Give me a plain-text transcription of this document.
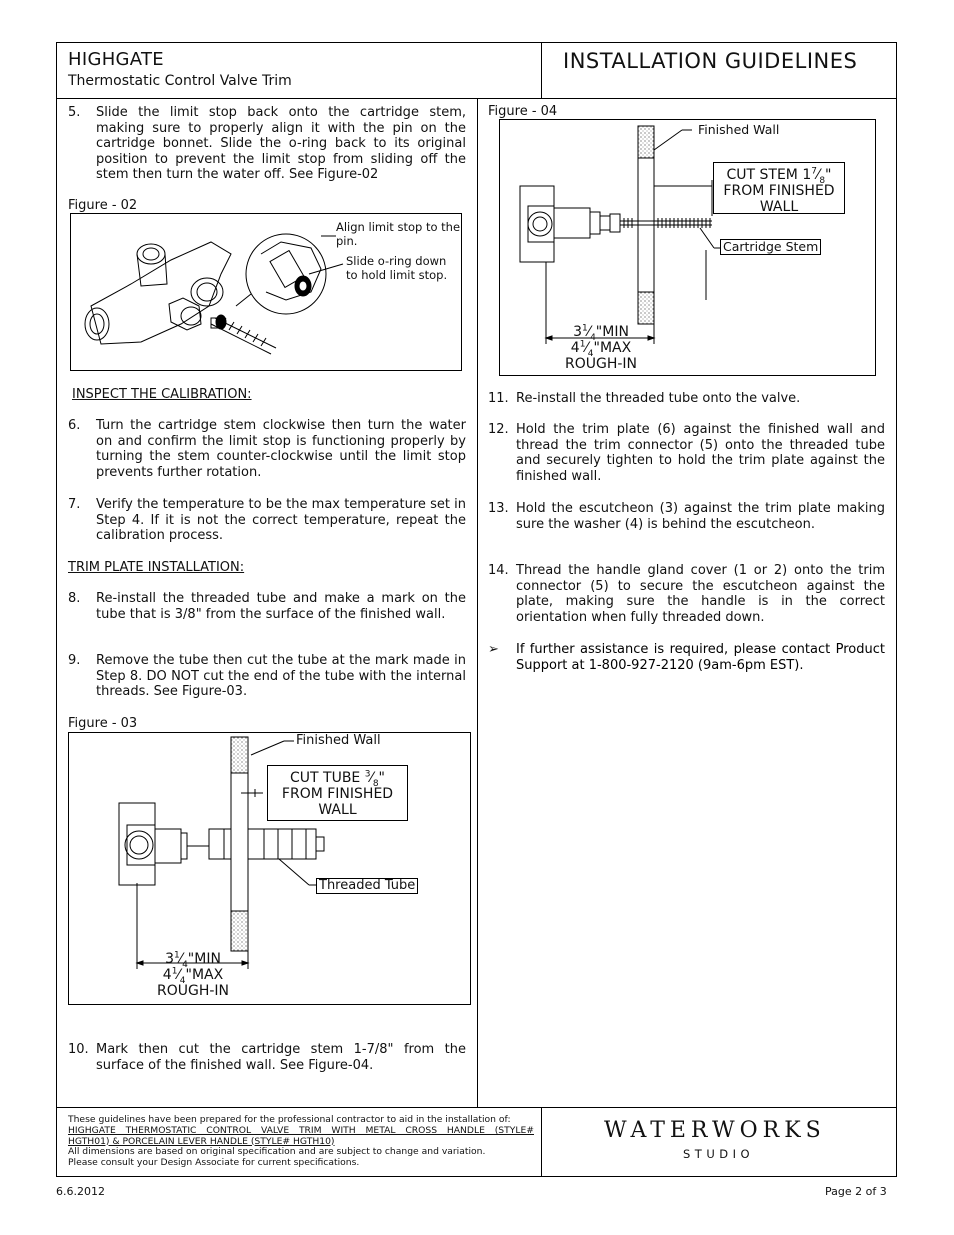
HIGHGATE
Thermostatic Control Valve Trim
INSTALLATION GUIDELINES
5. Slide the limit stop back onto the cartridge stem, making sure to properly align it with the pin on the cartridge bonnet. Slide the o-ring back to its original position to prevent the limit stop from sliding off the stem then turn the water off. See Figure-02
Figure - 02
Align limit stop to the pin.
Slide o-ring down to hold limit stop.
INSPECT THE CALIBRATION:
6. Turn the cartridge stem clockwise then turn the water on and confirm the limit stop is functioning properly by turning the stem counter-clockwise until the limit stop prevents further rotation.
7. Verify the temperature to be the max temperature set in Step 4. If it is not the correct temperature, repeat the calibration process.
TRIM PLATE INSTALLATION:
8. Re-install the threaded tube and make a mark on the tube that is 3/8" from the surface of the finished wall.
9. Remove the tube then cut the tube at the mark made in Step 8. DO NOT cut the end of the tube with the internal threads. See Figure-03.
Figure - 03
Finished Wall
CUT TUBE $^3⁄_8$"
FROM FINISHED
WALL
Threaded Tube
$3^1⁄_4"MIN$
$4^1⁄_4"MAX$
ROUGH-IN
10. Mark then cut the cartridge stem 1-7/8" from the surface of the finished wall. See Figure-04.
Figure - 04
Finished Wall
CUT STEM $1^7⁄_8$"
FROM FINISHED
WALL
Cartridge Stem
$3^1⁄_4"MIN$
$4^1⁄_4"MAX$
ROUGH-IN
11. Re-install the threaded tube onto the valve.
12. Hold the trim plate (6) against the finished wall and thread the trim connector (5) onto the threaded tube and securely tighten to hold the trim plate against the finished wall.
13. Hold the escutcheon (3) against the trim plate making sure the washer (4) is behind the escutcheon.
14. Thread the handle gland cover (1 or 2) onto the trim connector (5) to secure the escutcheon against the plate, making sure the handle is in the correct orientation when fully threaded down.
➢ If further assistance is required, please contact Product Support at 1-800-927-2120 (9am-6pm EST).
These guidelines have been prepared for the professional contractor to aid in the installation of:
HIGHGATE THERMOSTATIC CONTROL VALVE TRIM WITH METAL CROSS HANDLE (STYLE#
HGTH01) & PORCELAIN LEVER HANDLE (STYLE# HGTH10)
All dimensions are based on original specification and are subject to change and variation.
Please consult your Design Associate for current specifications.
WATERWORKS
STUDIO
6.6.2012	Page 2 of 3
